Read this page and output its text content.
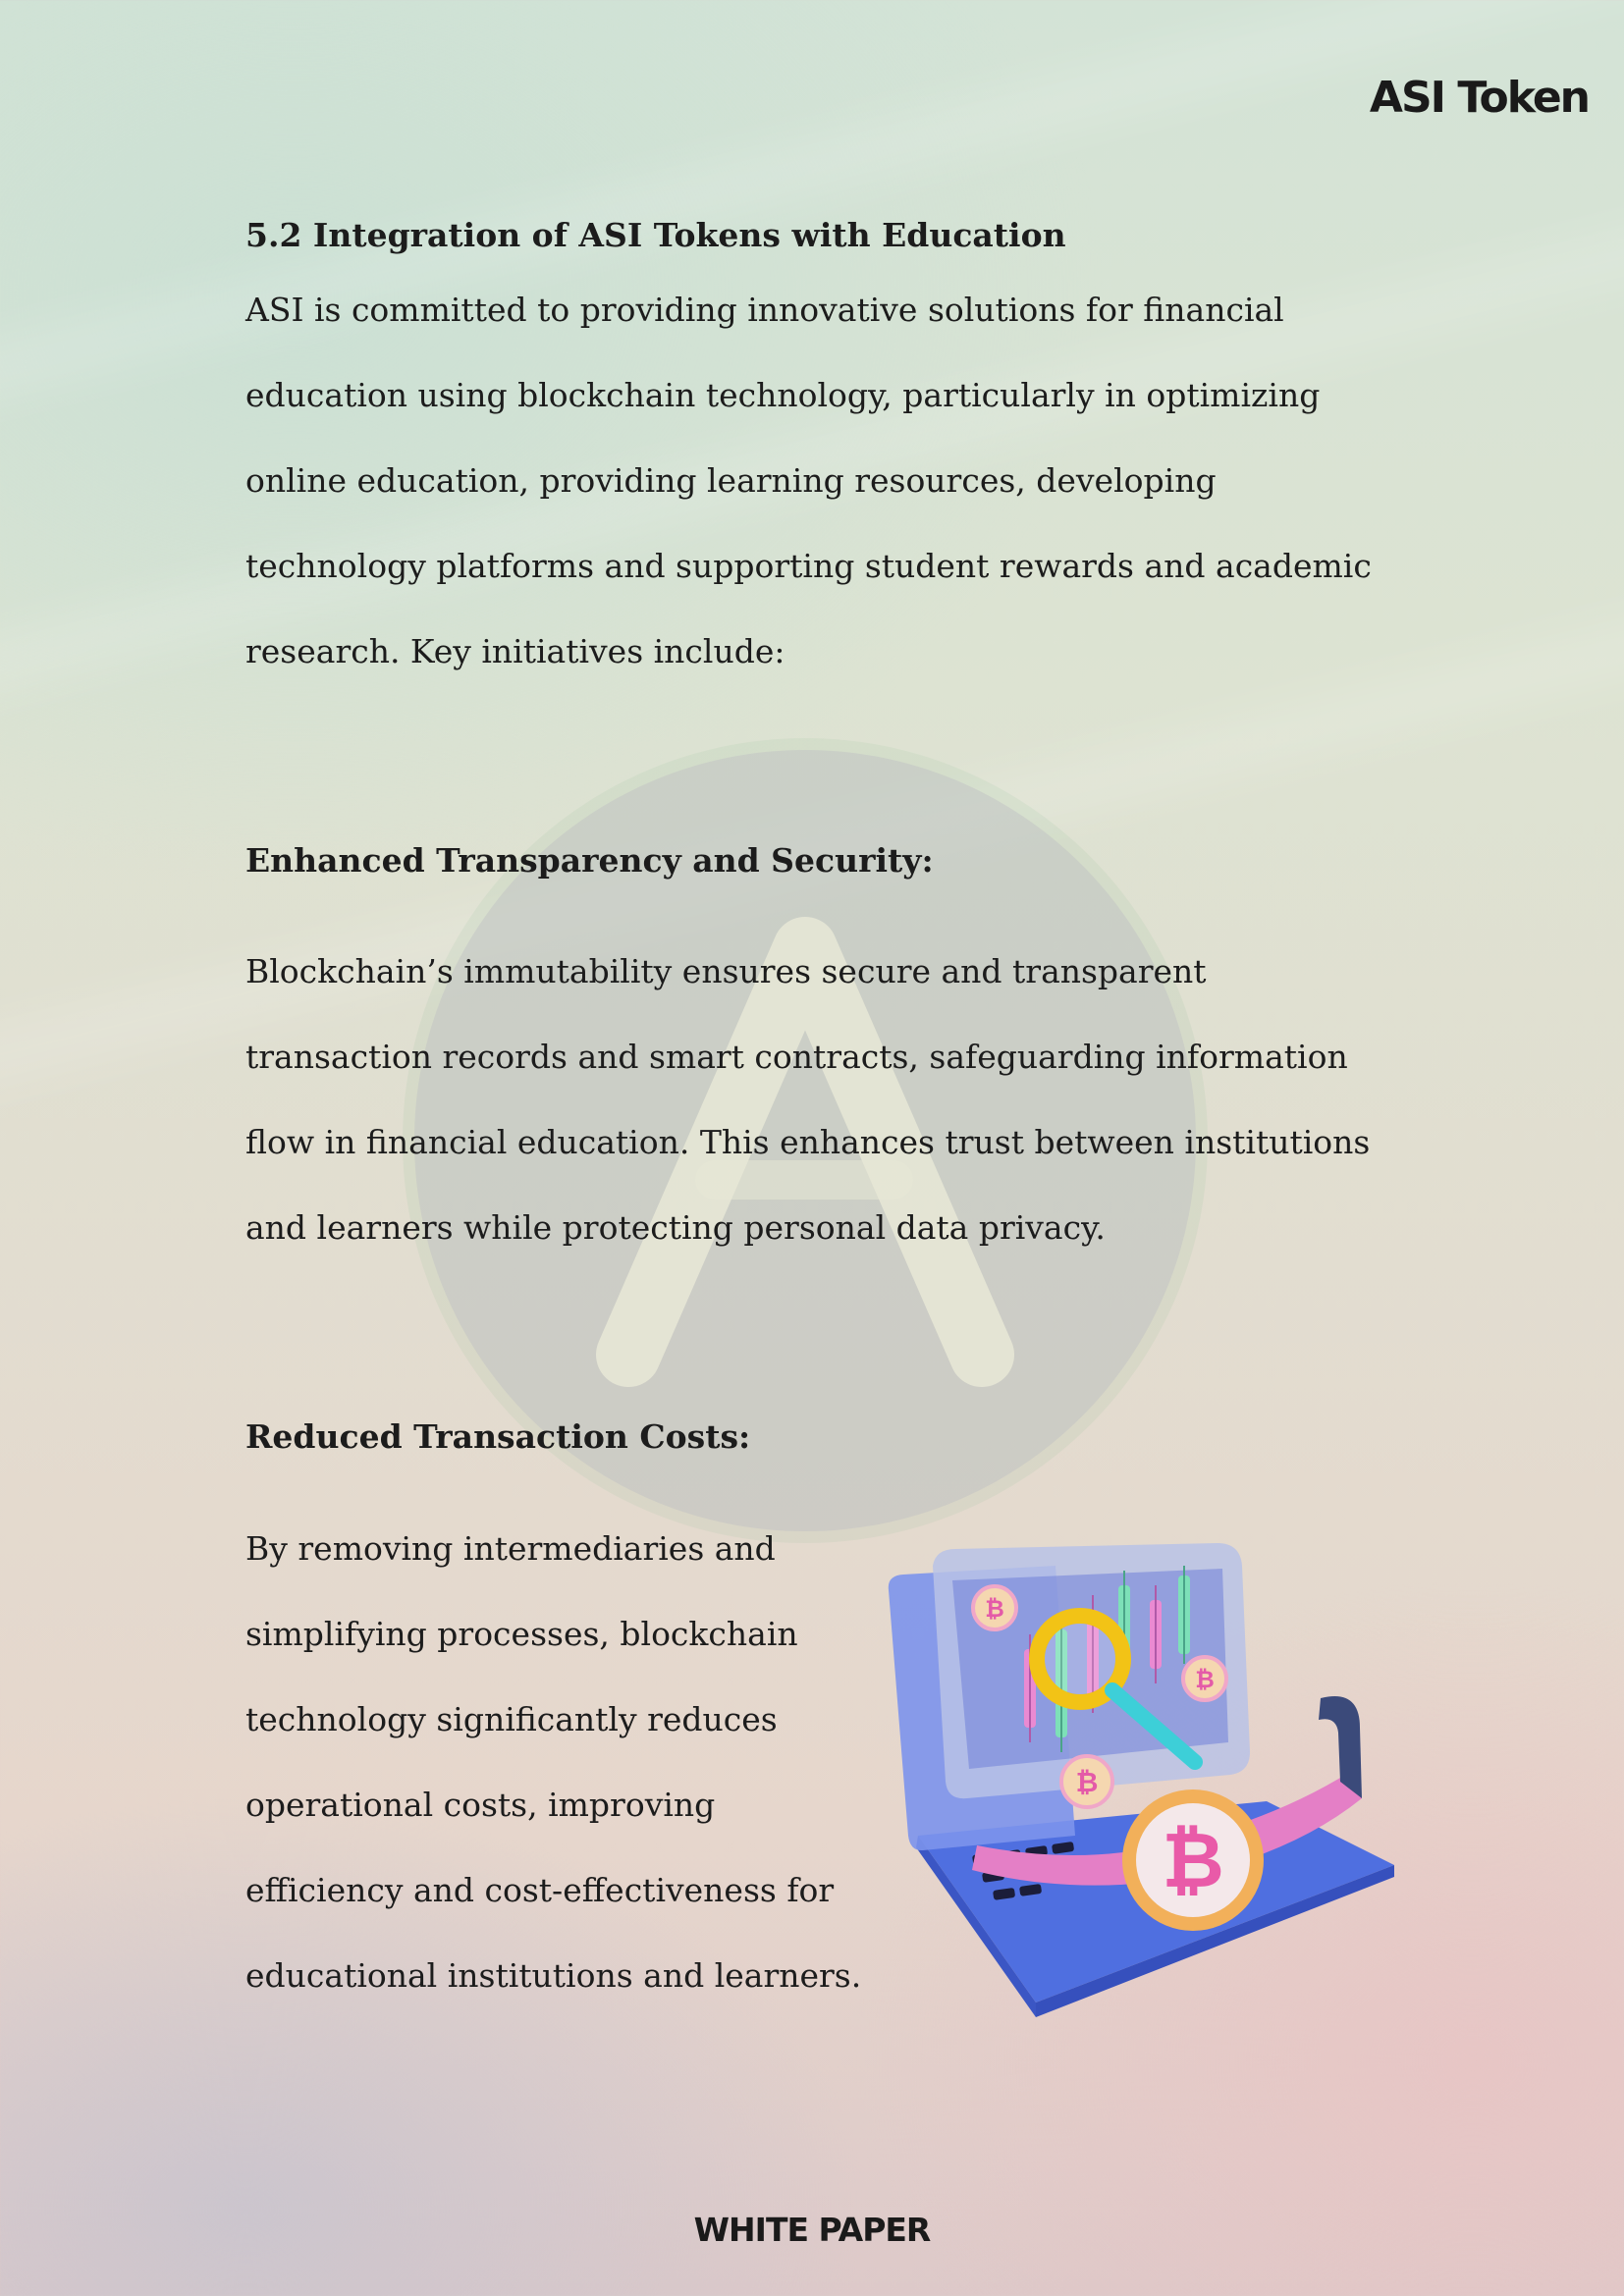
ASI Token
5.2 Integration of ASI Tokens with Education

ASI is committed to providing innovative solutions for financial
education using blockchain technology, particularly in optimizing
online education, providing learning resources, developing
technology platforms and supporting student rewards and academic
research. Key initiatives include:

Enhanced Transparency and Security:

Blockchain’s immutability ensures secure and transparent
transaction records and smart contracts, safeguarding information
flow in financial education. This enhances trust between institutions
and learners while protecting personal data privacy.

Reduced Transaction Costs:

By removing intermediaries and
simplifying processes, blockchain
technology significantly reduces
operational costs, improving
efficiency and cost-effectiveness for
educational institutions and learners.

₿
₿
₿
₿
WHITE PAPER
